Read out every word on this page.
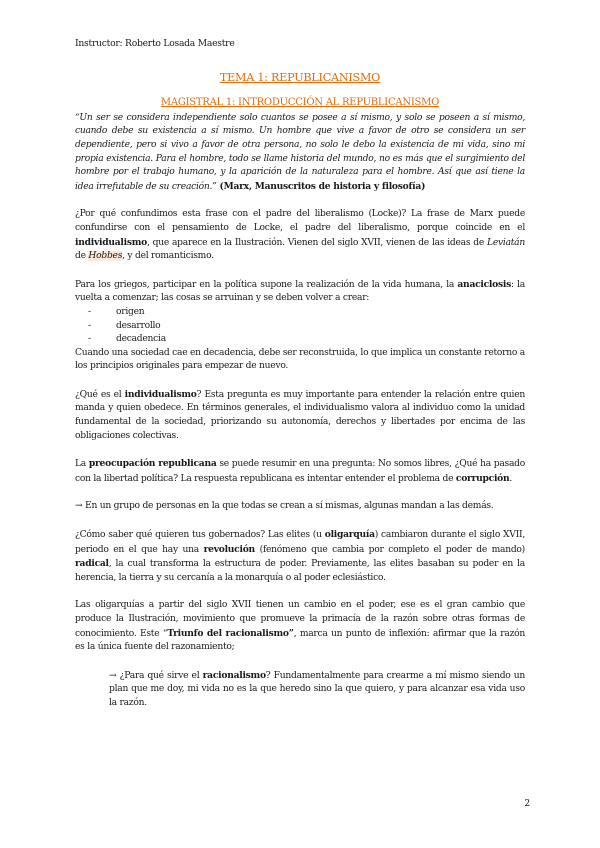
Instructor: Roberto Losada Maestre
TEMA 1: REPUBLICANISMO
MAGISTRAL 1: INTRODUCCIÓN AL REPUBLICANISMO

“Un ser se considera independiente solo cuantos se posee a sí mismo, y solo se poseen a sí mismo, cuando debe su existencia a sí mismo. Un hombre que vive a favor de otro se considera un ser dependiente, pero si vivo a favor de otra persona, no solo le debo la existencia de mi vida, sino mi propia existencia. Para el hombre, todo se llame historia del mundo, no es más que el surgimiento del hombre por el trabajo humano, y la aparición de la naturaleza para el hombre. Así que así tiene la idea irrefutable de su creación.” (Marx, Manuscritos de historia y filosofía)

¿Por qué confundimos esta frase con el padre del liberalismo (Locke)? La frase de Marx puede confundirse con el pensamiento de Locke, el padre del liberalismo, porque coincide en el individualismo, que aparece en la Ilustración. Vienen del siglo XVII, vienen de las ideas de Leviatán de Hobbes, y del romanticismo.

Para los griegos, participar en la política supone la realización de la vida humana, la anaciclosis: la vuelta a comenzar; las cosas se arruinan y se deben volver a crear:

-	origen
-	desarrollo
-	decadencia

Cuando una sociedad cae en decadencia, debe ser reconstruida, lo que implica un constante retorno a los principios originales para empezar de nuevo.

¿Qué es el individualismo? Esta pregunta es muy importante para entender la relación entre quien manda y quien obedece. En términos generales, el individualismo valora al individuo como la unidad fundamental de la sociedad, priorizando su autonomía, derechos y libertades por encima de las obligaciones colectivas.

La preocupación republicana se puede resumir en una pregunta: No somos libres, ¿Qué ha pasado con la libertad política? La respuesta republicana es intentar entender el problema de corrupción.

→ En un grupo de personas en la que todas se crean a sí mismas, algunas mandan a las demás.

¿Cómo saber qué quieren tus gobernados? Las elites (u oligarquía) cambiaron durante el siglo XVII, periodo en el que hay una revolución (fenómeno que cambia por completo el poder de mando) radical, la cual transforma la estructura de poder. Previamente, las elites basaban su poder en la herencia, la tierra y su cercanía a la monarquía o al poder eclesiástico.

Las oligarquías a partir del siglo XVII tienen un cambio en el poder, ese es el gran cambio que produce la Ilustración, movimiento que promueve la primacía de la razón sobre otras formas de conocimiento. Este “Triunfo del racionalismo”, marca un punto de inflexión: afirmar que la razón es la única fuente del razonamiento;

→ ¿Para qué sirve el racionalismo? Fundamentalmente para crearme a mí mismo siendo un plan que me doy, mi vida no es la que heredo sino la que quiero, y para alcanzar esa vida uso la razón.

2
